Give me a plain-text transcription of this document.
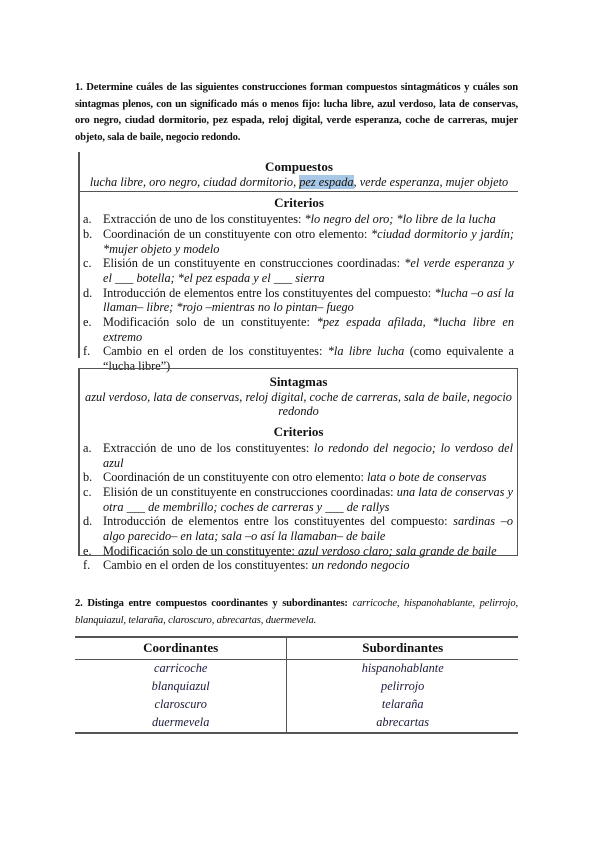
1. Determine cuáles de las siguientes construcciones forman compuestos sintagmáticos y cuáles son sintagmas plenos, con un significado más o menos fijo: lucha libre, azul verdoso, lata de conservas, oro negro, ciudad dormitorio, pez espada, reloj digital, verde esperanza, coche de carreras, mujer objeto, sala de baile, negocio redondo.
Compuestos
lucha libre, oro negro, ciudad dormitorio, pez espada, verde esperanza, mujer objeto
Criterios
a. Extracción de uno de los constituyentes: *lo negro del oro; *lo libre de la lucha
b. Coordinación de un constituyente con otro elemento: *ciudad dormitorio y jardín; *mujer objeto y modelo
c. Elisión de un constituyente en construcciones coordinadas: *el verde esperanza y el ___ botella; *el pez espada y el ___ sierra
d. Introducción de elementos entre los constituyentes del compuesto: *lucha –o así la llaman– libre; *rojo –mientras no lo pintan– fuego
e. Modificación solo de un constituyente: *pez espada afilada, *lucha libre en extremo
f.	Cambio en el orden de los constituyentes: *la libre lucha (como equivalente a “lucha libre”)
Sintagmas
azul verdoso, lata de conservas, reloj digital, coche de carreras, sala de baile, negocio redondo
Criterios
a. Extracción de uno de los constituyentes: lo redondo del negocio; lo verdoso del azul
b. Coordinación de un constituyente con otro elemento: lata o bote de conservas
c. Elisión de un constituyente en construcciones coordinadas: una lata de conservas y otra ___ de membrillo; coches de carreras y ___ de rallys
d. Introducción de elementos entre los constituyentes del compuesto: sardinas –o algo parecido– en lata; sala –o así la llamaban– de baile
e. Modificación solo de un constituyente: azul verdoso claro; sala grande de baile
f.	Cambio en el orden de los constituyentes: un redondo negocio
2. Distinga entre compuestos coordinantes y subordinantes: carricoche, hispanohablante, pelirrojo, blanquiazul, telaraña, claroscuro, abrecartas, duermevela.
Coordinantes	Subordinantes
carricoche	hispanohablante
blanquiazul	pelirrojo
claroscuro	telaraña
duermevela	abrecartas
